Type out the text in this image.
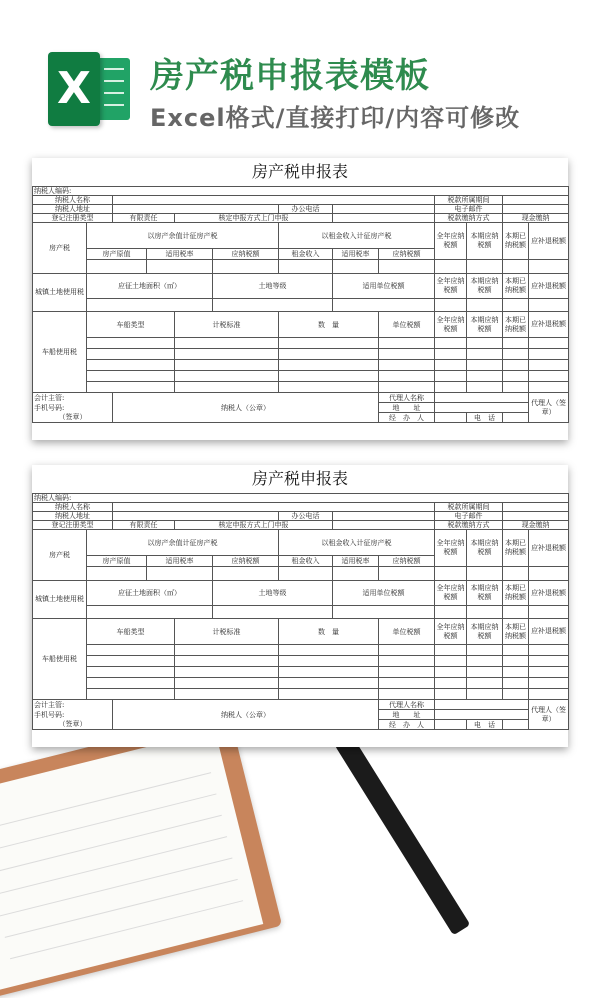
X 房产税申报表模板
Excel格式/直接打印/内容可修改
房产税申报表
纳税人编码:												
纳税人名称									税款所属期间			
纳税人地址						办公电话			电子邮件			
登记注册类型		有限责任		核定申报方式上门申报					税款缴纳方式		现金缴纳	
房产税	以房产余值计征房产税					以租金收入计征房产税			全年应纳税额	本期应纳税额	本期已纳税额	应补退税额
	房产原值		适用税率		应纳税额	租金收入	适用税率	应纳税额				

城镇土地使用税	应征土地面积（㎡）				土地等级		适用单位税额		全年应纳税额	本期应纳税额	本期已纳税额	应补退税额

车船使用税	车船类型			计税标准		数　量		单位税额	全年应纳税额	本期应纳税额	本期已纳税额	应补退税额

会计主管:		纳税人（公章）						代理人名称				代理人（签章）
手机号码:								地　　址				
（签章）								经　办　人		电　话		
房产税申报表
纳税人编码:												
纳税人名称									税款所属期间			
纳税人地址						办公电话			电子邮件			
登记注册类型		有限责任		核定申报方式上门申报					税款缴纳方式		现金缴纳	
房产税	以房产余值计征房产税					以租金收入计征房产税			全年应纳税额	本期应纳税额	本期已纳税额	应补退税额
	房产原值		适用税率		应纳税额	租金收入	适用税率	应纳税额				

城镇土地使用税	应征土地面积（㎡）				土地等级		适用单位税额		全年应纳税额	本期应纳税额	本期已纳税额	应补退税额

车船使用税	车船类型			计税标准		数　量		单位税额	全年应纳税额	本期应纳税额	本期已纳税额	应补退税额

会计主管:		纳税人（公章）						代理人名称				代理人（签章）
手机号码:								地　　址				
（签章）								经　办　人		电　话		
